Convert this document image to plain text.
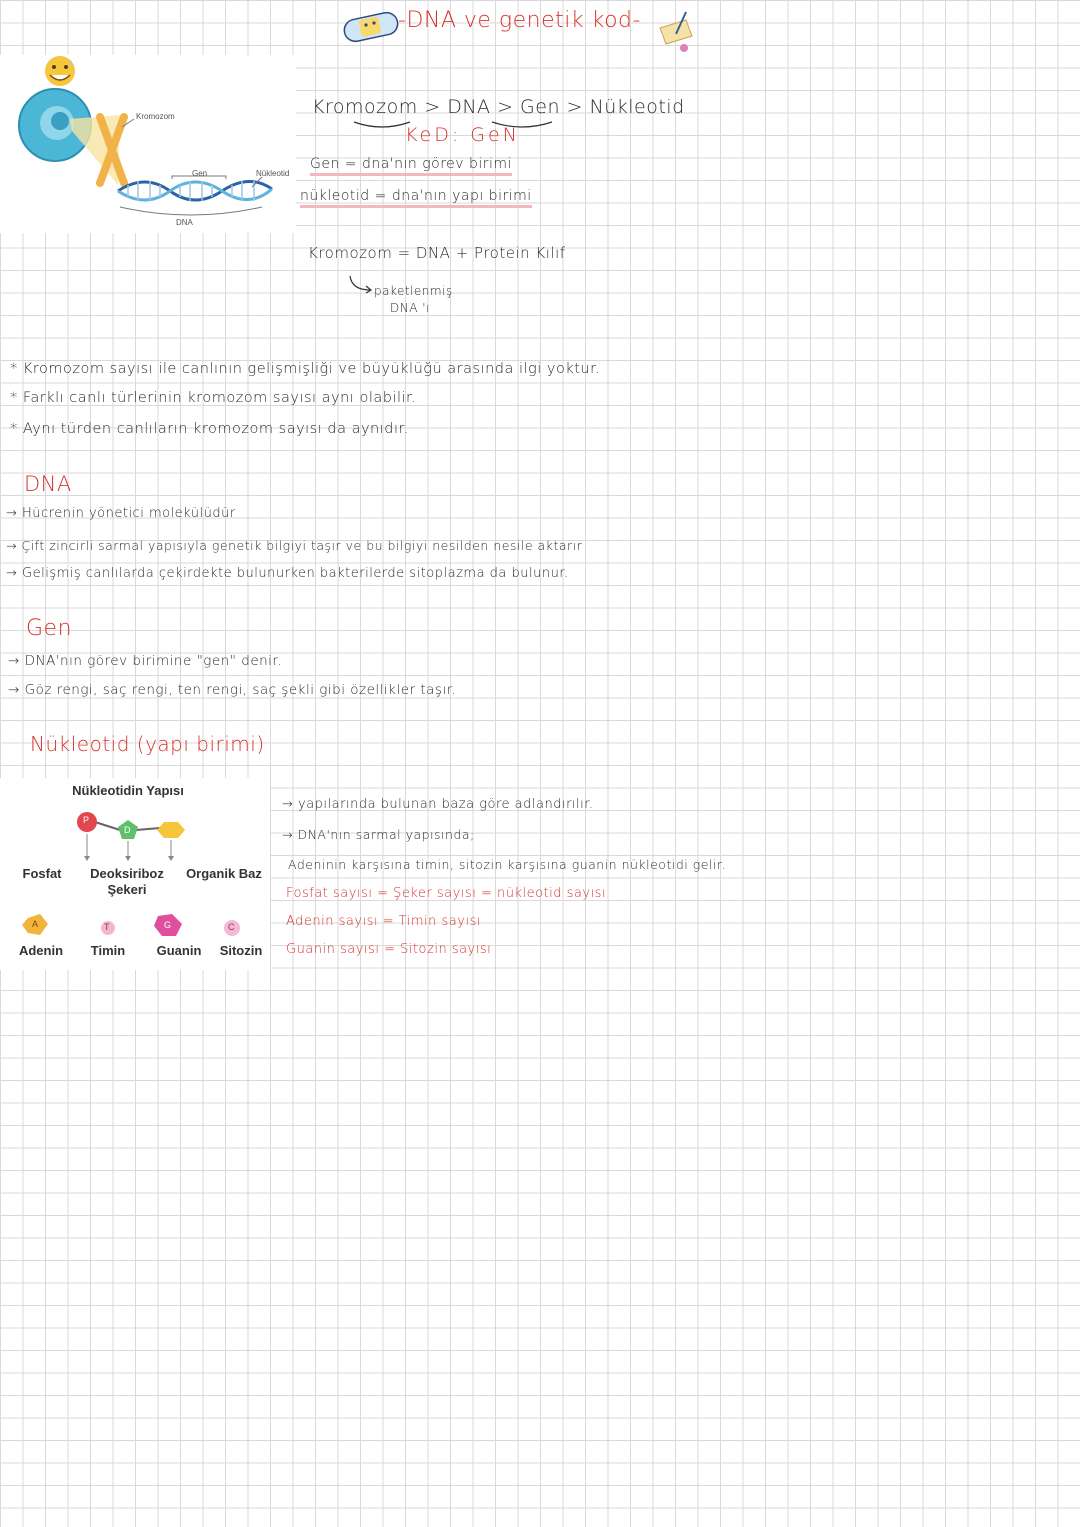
-DNA ve genetik kod-
Kromozom
Gen	Nükleotid
DNA
Kromozom > DNA > Gen > Nükleotid
KeD: GeN
Gen = dna'nın görev birimi
nükleotid = dna'nın yapı birimi
Kromozom = DNA + Protein Kılıf
paketlenmiş
DNA 'ı
* Kromozom sayısı ile canlının gelişmişliği ve büyüklüğü arasında ilgi yoktur.
* Farklı canlı türlerinin kromozom sayısı aynı olabilir.
* Aynı türden canlıların kromozom sayısı da aynıdır.
DNA
→ Hücrenin yönetici molekülüdür
→ Çift zincirli sarmal yapısıyla genetik bilgiyi taşır ve bu bilgiyi nesilden nesile aktarır
→ Gelişmiş canlılarda çekirdekte bulunurken bakterilerde sitoplazma da bulunur.
Gen
→ DNA'nın görev birimine "gen" denir.
→ Göz rengi, saç rengi, ten rengi, saç şekli gibi özellikler taşır.
Nükleotid (yapı birimi)
Nükleotidin Yapısı
P
D
Fosfat	Deoksiriboz Şekeri
Organik Baz
A	T	G	C
Adenin	Timin	Guanin	Sitozin
→ yapılarında bulunan baza göre adlandırılır.
→ DNA'nın sarmal yapısında;
Adeninin karşısına timin, sitozin karşısına guanin nükleotidi gelir.
Fosfat sayısı = Şeker sayısı = nükleotid sayısı
Adenin sayısı = Timin sayısı
Guanin sayısı = Sitozin sayısı
